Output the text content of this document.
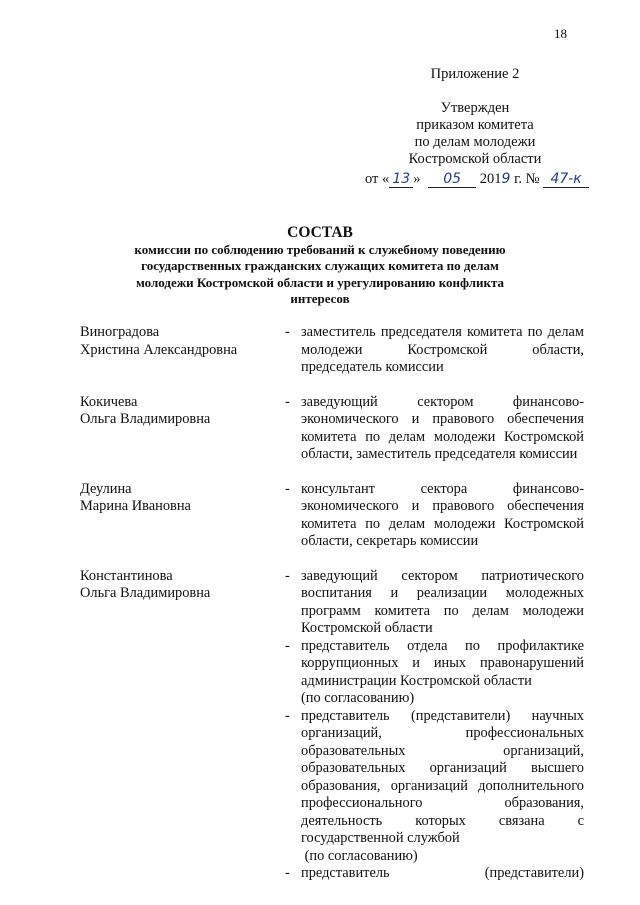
18
Приложение 2
Утвержден
приказом комитета
по делам молодежи
Костромской области
от « 13 » 05 2019 г. № 47-к
СОСТАВ
комиссии по соблюдению требований к служебному поведению
государственных гражданских служащих комитета по делам
молодежи Костромской области и урегулированию конфликта
интересов
Виноградова
Христина Александровна
- заместитель председателя комитета по делам молодежи Костромской области, председатель комиссии
Кокичева
Ольга Владимировна
- заведующий сектором финансово-экономического и правового обеспечения комитета по делам молодежи Костромской области, заместитель председателя комиссии
Деулина
Марина Ивановна
- консультант сектора финансово-экономического и правового обеспечения комитета по делам молодежи Костромской области, секретарь комиссии
Константинова
Ольга Владимировна
- заведующий сектором патриотического воспитания и реализации молодежных программ комитета по делам молодежи Костромской области
- представитель отдела по профилактике коррупционных и иных правонарушений администрации Костромской области
(по согласованию)
- представитель (представители) научных организаций, профессиональных образовательных организаций, образовательных организаций высшего образования, организаций дополнительного профессионального образования, деятельность которых связана с государственной службой
(по согласованию)
- представитель (представители)
